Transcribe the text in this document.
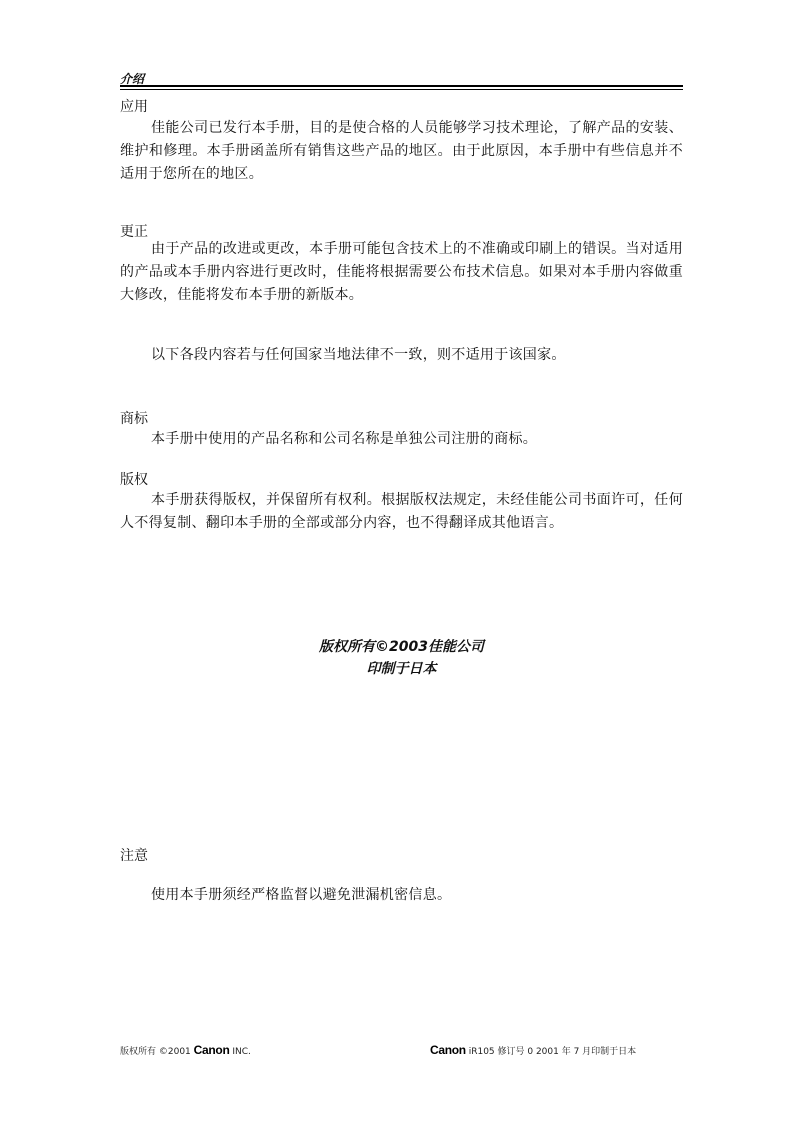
介绍
应用
佳能公司已发行本手册，目的是使合格的人员能够学习技术理论，了解产品的安装、维护和修理。本手册函盖所有销售这些产品的地区。由于此原因，本手册中有些信息并不适用于您所在的地区。
更正
由于产品的改进或更改，本手册可能包含技术上的不准确或印刷上的错误。当对适用的产品或本手册内容进行更改时，佳能将根据需要公布技术信息。如果对本手册内容做重大修改，佳能将发布本手册的新版本。
以下各段内容若与任何国家当地法律不一致，则不适用于该国家。
商标
本手册中使用的产品名称和公司名称是单独公司注册的商标。
版权
本手册获得版权，并保留所有权利。根据版权法规定，未经佳能公司书面许可，任何人不得复制、翻印本手册的全部或部分内容，也不得翻译成其他语言。
版权所有©2003佳能公司
印制于日本
注意
使用本手册须经严格监督以避免泄漏机密信息。
版权所有 ©2001 Canon INC.	Canon iR105 修订号 0 2001 年 7 月印制于日本
